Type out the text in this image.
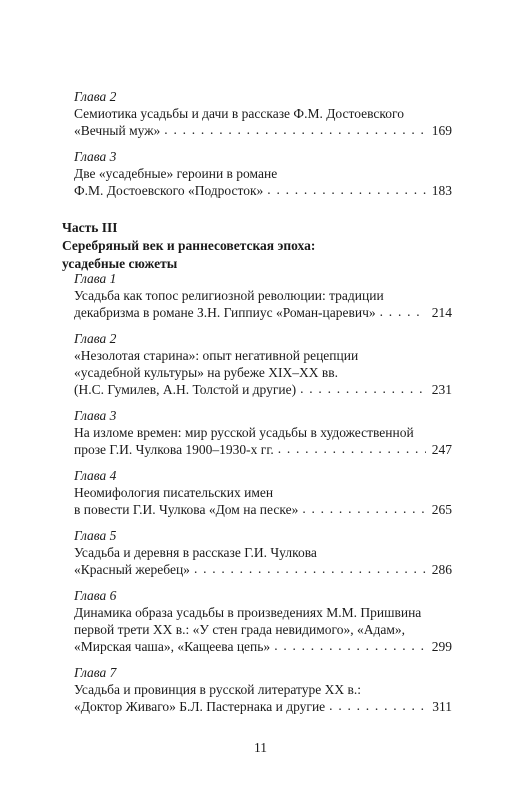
Глава 2
Семиотика усадьбы и дачи в рассказе Ф.М. Достоевского
«Вечный муж» . . .	169
Глава 3
Две «усадебные» героини в романе
Ф.М. Достоевского «Подросток» . . .	183
Часть III
Серебряный век и раннесоветская эпоха:
усадебные сюжеты
Глава 1
Усадьба как топос религиозной революции: традиции
декабризма в романе З.Н. Гиппиус «Роман-царевич» . . .	214
Глава 2
«Незолотая старина»: опыт негативной рецепции
«усадебной культуры» на рубеже XIX–XX вв.
(Н.С. Гумилев, А.Н. Толстой и другие) . . .	231
Глава 3
На изломе времен: мир русской усадьбы в художественной
прозе Г.И. Чулкова 1900–1930-х гг. . . .	247
Глава 4
Неомифология писательских имен
в повести Г.И. Чулкова «Дом на песке» . . .	265
Глава 5
Усадьба и деревня в рассказе Г.И. Чулкова
«Красный жеребец» . . .	286
Глава 6
Динамика образа усадьбы в произведениях М.М. Пришвина
первой трети XX в.: «У стен града невидимого», «Адам»,
«Мирская чаша», «Кащеева цепь» . . .	299
Глава 7
Усадьба и провинция в русской литературе XX в.:
«Доктор Живаго» Б.Л. Пастернака и другие . . .	311
11
